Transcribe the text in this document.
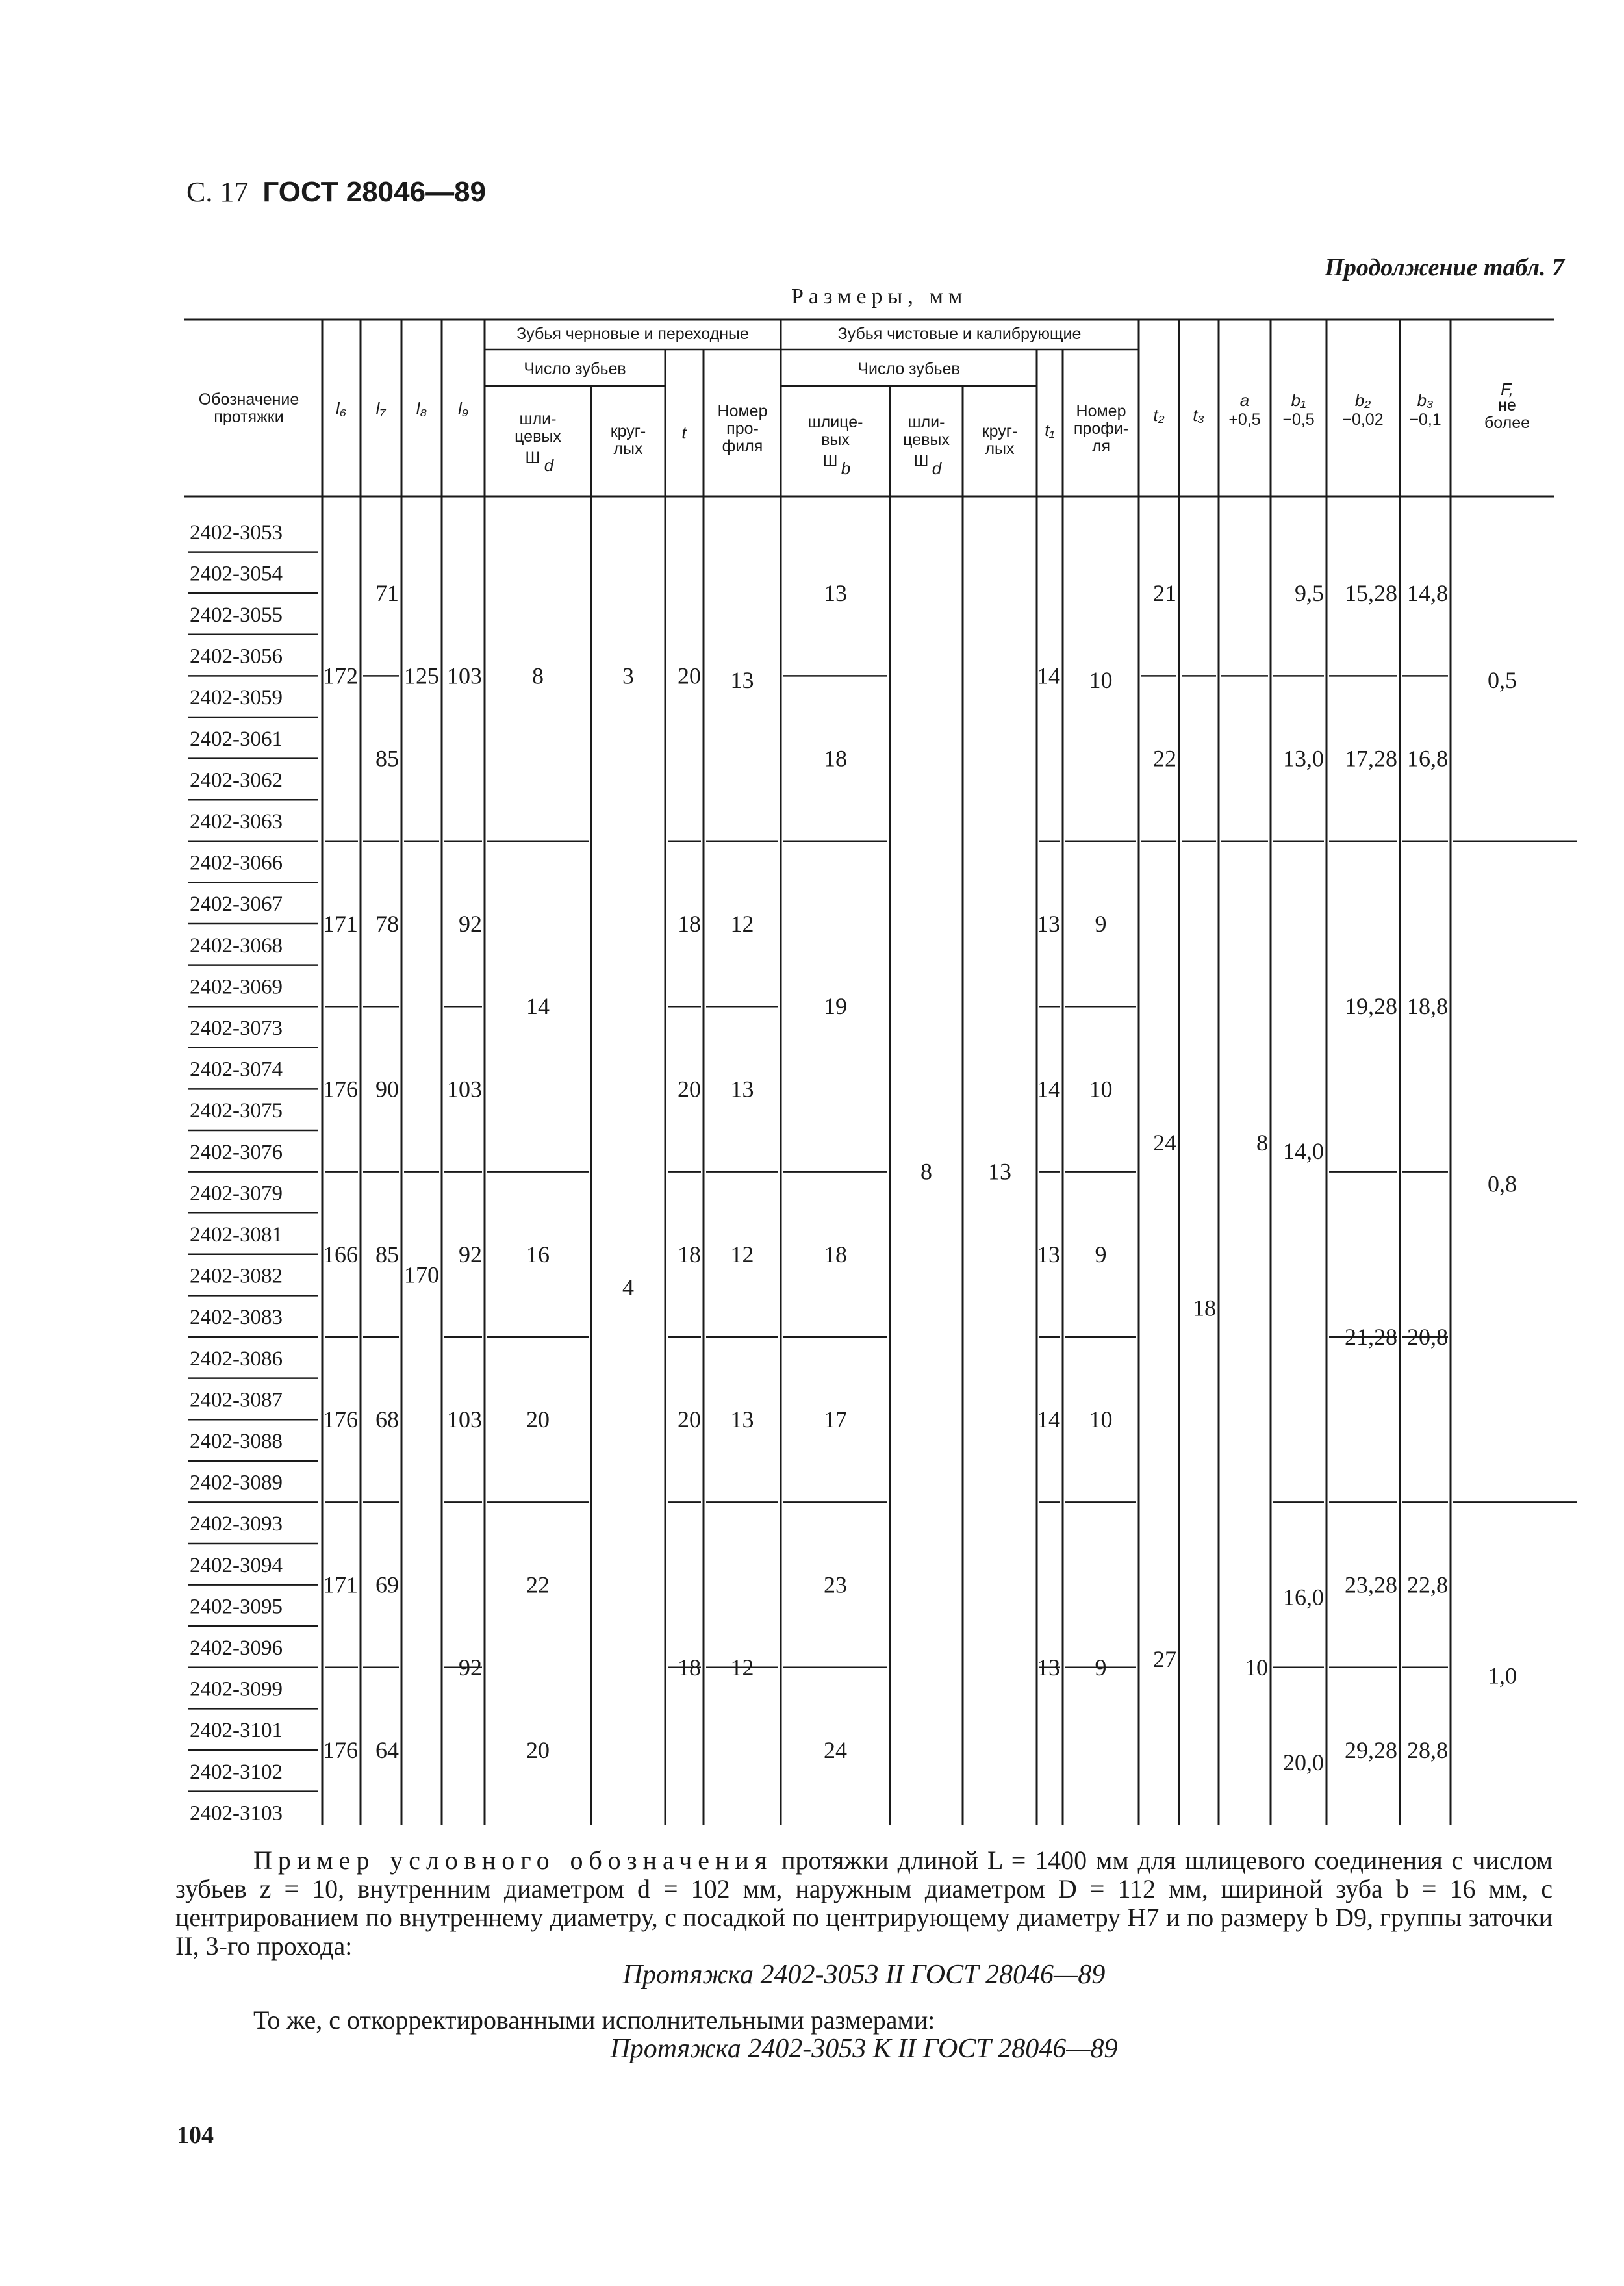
С. 17 ГОСТ 28046—89
Продолжение табл. 7
Размеры, мм
Обозначение
протяжки	l₆ l₇ l₈ l₉
Зубья черновые и переходные
Число зубьев
шли-
цевых
Ш d
круг-
лых
t
Номер
про-
филя
Зубья чистовые и калибрующие
Число зубьев
шлице-
вых
Ш b
шли-
цевых
Ш d
круг-
лых
t₁
Номер
профи-
ля
t₂ t₃
a
+0,5
b₁
−0,5
b₂
−0,02
b₃
−0,1
F,
не
более
2402-3053
2402-3054
2402-3055
2402-3056
2402-3059
2402-3061
2402-3062
2402-3063
2402-3066
2402-3067
2402-3068
2402-3069
2402-3073
2402-3074
2402-3075
2402-3076
2402-3079
2402-3081
2402-3082
2402-3083
2402-3086
2402-3087
2402-3088
2402-3089
2402-3093
2402-3094
2402-3095
2402-3096
2402-3099
2402-3101
2402-3102
2402-3103
172
171
176
166
176
171
176
71
85
78
90
85
68
69
64
125
170
103
92
103
92
103
92
8
14
16
20
22
20
3
4
20
18
20
18
20
18
13
12
13
12
13
12
13
18
19
18
17
23
24
8 13
14
13
14
13
14
13
10
9
10
9
10
9
21
22
24
27
18
8
10
9,5
13,0
14,0
16,0
20,0
15,28
17,28
19,28
21,28
23,28
29,28
14,8
16,8
18,8
20,8
22,8
28,8
0,5
0,8
1,0
Пример условного обозначения протяжки длиной L = 1400 мм для шлицевого соединения с числом зубьев z = 10, внутренним диаметром d = 102 мм, наружным диаметром D = 112 мм, шириной зуба b = 16 мм, с центрированием по внутреннему диаметру, с посадкой по центрирующему диаметру H7 и по размеру b D9, группы заточки II, 3-го прохода:
Протяжка 2402-3053 II ГОСТ 28046—89
То же, с откорректированными исполнительными размерами:
Протяжка 2402-3053 К II ГОСТ 28046—89
104
